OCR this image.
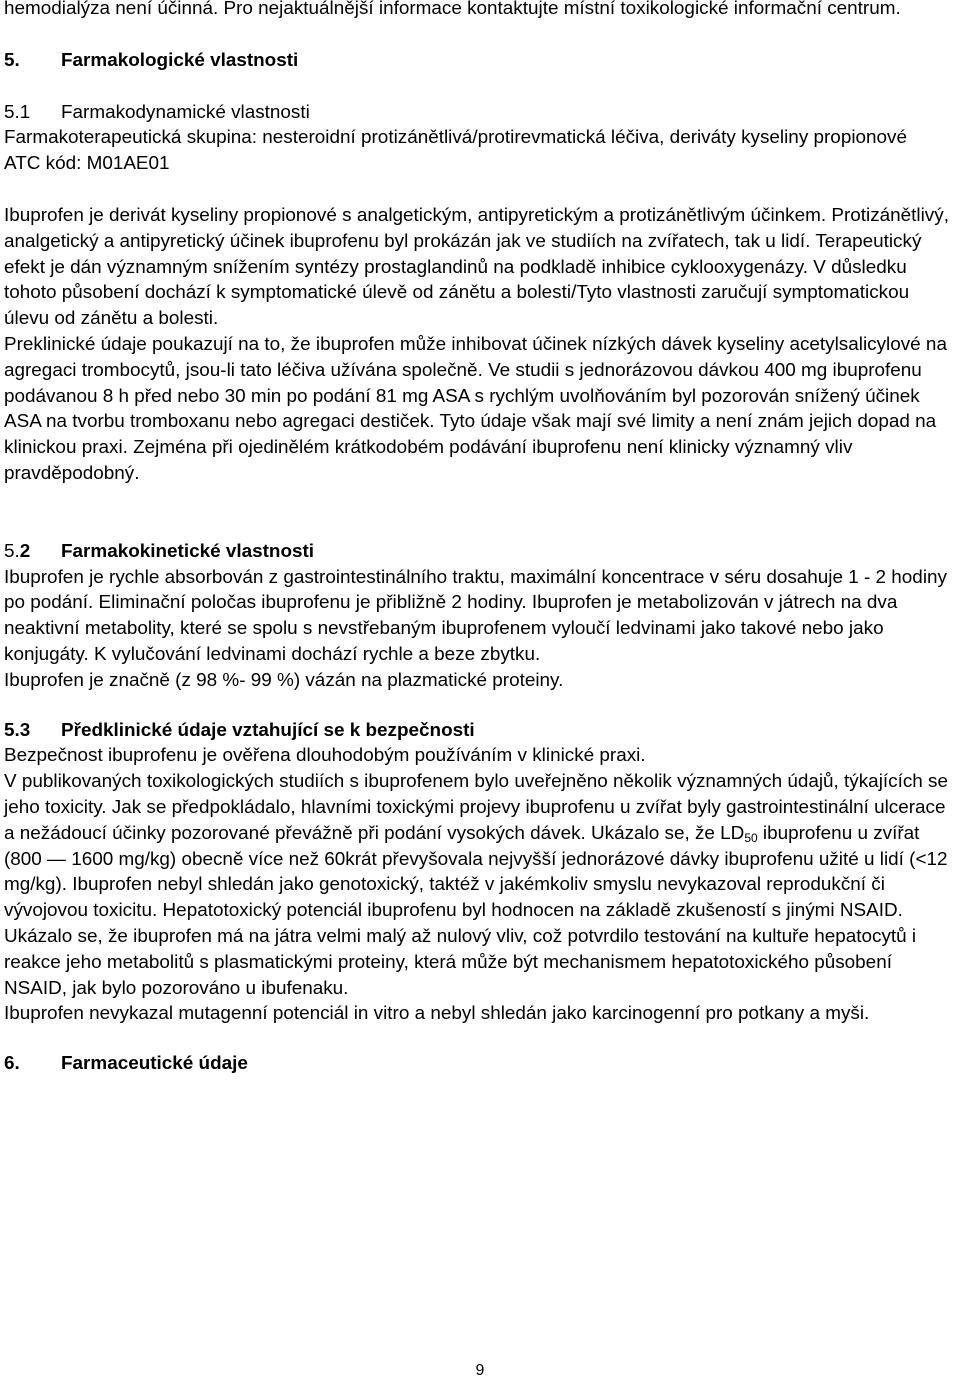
hemodialýza není účinná. Pro nejaktuálnější informace kontaktujte místní toxikologické informační centrum.

5. Farmakologické vlastnosti

5.1 Farmakodynamické vlastnosti

Farmakoterapeutická skupina: nesteroidní protizánětlivá/protirevmatická léčiva, deriváty kyseliny propionové

ATC kód: M01AE01

Ibuprofen je derivát kyseliny propionové s analgetickým, antipyretickým a protizánětlivým účinkem. Protizánětlivý, analgetický a antipyretický účinek ibuprofenu byl prokázán jak ve studiích na zvířatech, tak u lidí. Terapeutický efekt je dán významným snížením syntézy prostaglandinů na podkladě inhibice cyklooxygenázy. V důsledku tohoto působení dochází k symptomatické úlevě od zánětu a bolesti/Tyto vlastnosti zaručují symptomatickou úlevu od zánětu a bolesti.

Preklinické údaje poukazují na to, že ibuprofen může inhibovat účinek nízkých dávek kyseliny acetylsalicylové na agregaci trombocytů, jsou-li tato léčiva užívána společně. Ve studii s jednorázovou dávkou 400 mg ibuprofenu podávanou 8 h před nebo 30 min po podání 81 mg ASA s rychlým uvolňováním byl pozorován snížený účinek ASA na tvorbu tromboxanu nebo agregaci destiček. Tyto údaje však mají své limity a není znám jejich dopad na klinickou praxi. Zejména při ojedinělém krátkodobém podávání ibuprofenu není klinicky významný vliv pravděpodobný.

5.2 Farmakokinetické vlastnosti

Ibuprofen je rychle absorbován z gastrointestinálního traktu, maximální koncentrace v séru dosahuje 1 - 2 hodiny po podání. Eliminační poločas ibuprofenu je přibližně 2 hodiny. Ibuprofen je metabolizován v játrech na dva neaktivní metabolity, které se spolu s nevstřebaným ibuprofenem vyloučí ledvinami jako takové nebo jako konjugáty. K vylučování ledvinami dochází rychle a beze zbytku.

Ibuprofen je značně (z 98 %- 99 %) vázán na plazmatické proteiny.

5.3 Předklinické údaje vztahující se k bezpečnosti

Bezpečnost ibuprofenu je ověřena dlouhodobým používáním v klinické praxi.

V publikovaných toxikologických studiích s ibuprofenem bylo uveřejněno několik významných údajů, týkajících se jeho toxicity. Jak se předpokládalo, hlavními toxickými projevy ibuprofenu u zvířat byly gastrointestinální ulcerace a nežádoucí účinky pozorované převážně při podání vysokých dávek. Ukázalo se, že $LD_{50}$ ibuprofenu u zvířat (800 — 1600 mg/kg) obecně více než 60krát převyšovala nejvyšší jednorázové dávky ibuprofenu užité u lidí (<12 mg/kg). Ibuprofen nebyl shledán jako genotoxický, taktéž v jakémkoliv smyslu nevykazoval reprodukční či vývojovou toxicitu. Hepatotoxický potenciál ibuprofenu byl hodnocen na základě zkušeností s jinými NSAID. Ukázalo se, že ibuprofen má na játra velmi malý až nulový vliv, což potvrdilo testování na kultuře hepatocytů i reakce jeho metabolitů s plasmatickými proteiny, která může být mechanismem hepatotoxického působení NSAID, jak bylo pozorováno u ibufenaku.

Ibuprofen nevykazal mutagenní potenciál in vitro a nebyl shledán jako karcinogenní pro potkany a myši.

6. Farmaceutické údaje

9
